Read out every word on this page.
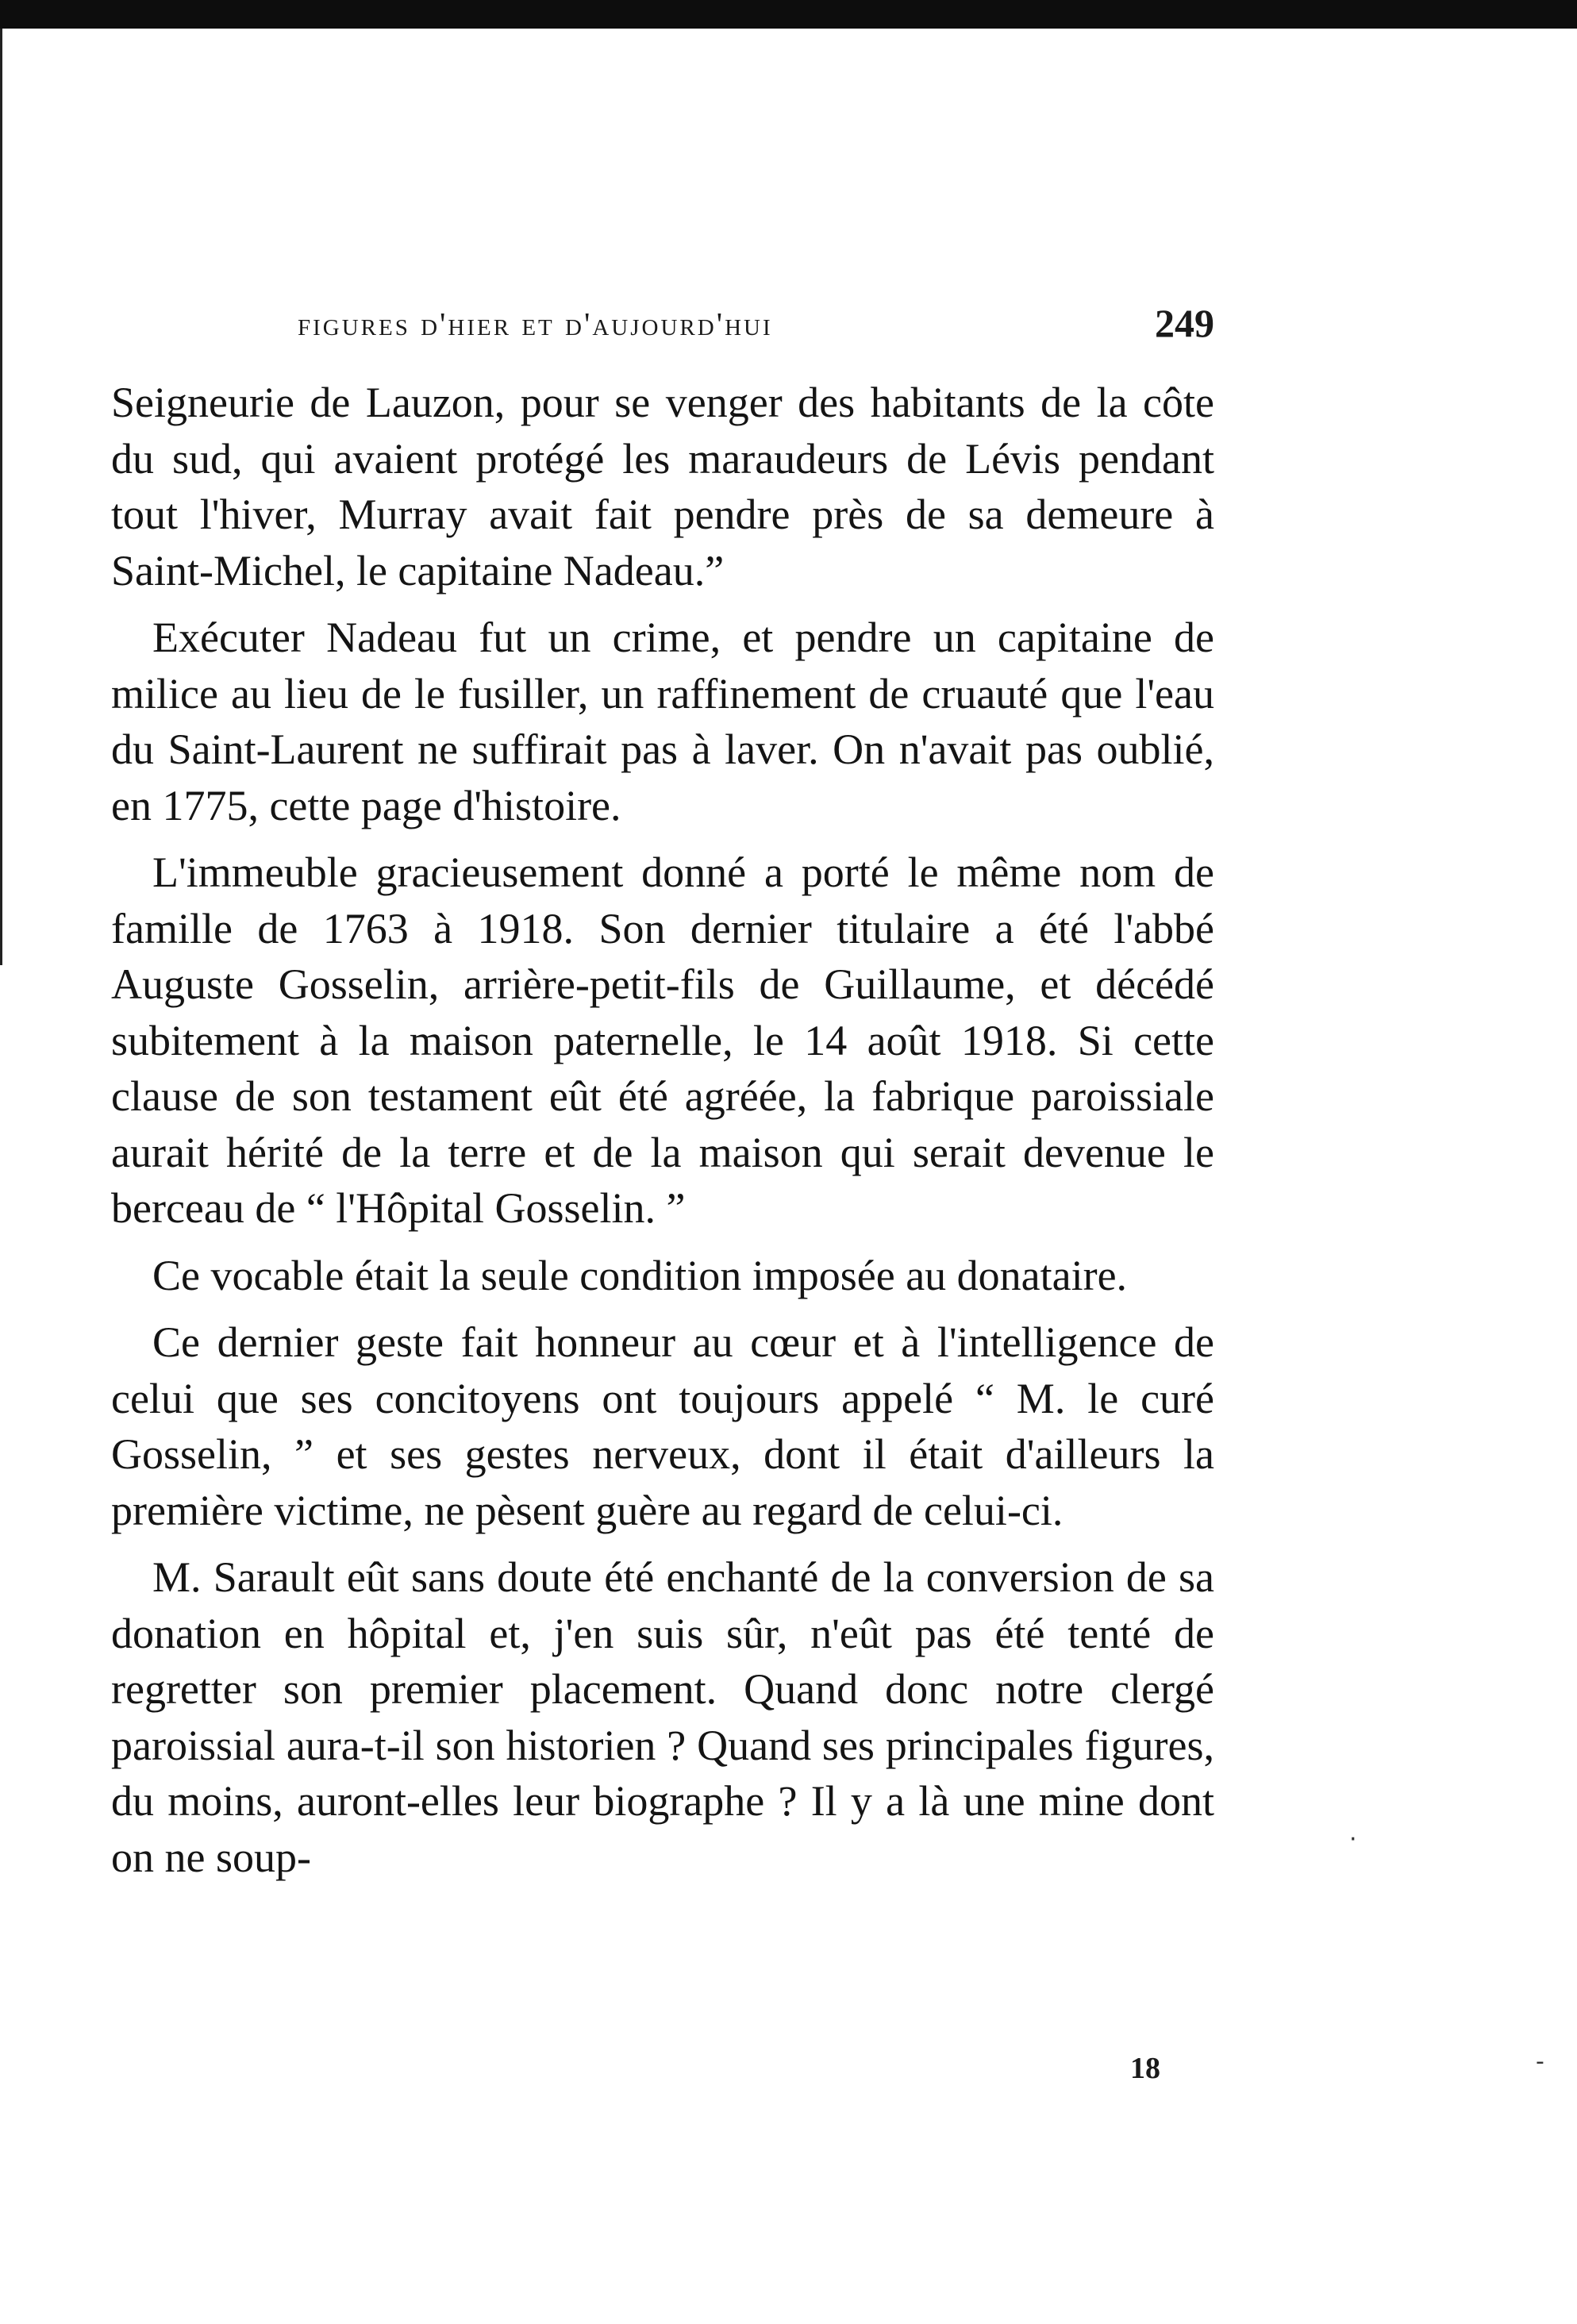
figures d'hier et d'aujourd'hui	249

Seigneurie de Lauzon, pour se venger des habitants de la côte du sud, qui avaient protégé les maraudeurs de Lévis pendant tout l'hiver, Murray avait fait pendre près de sa demeure à Saint-Michel, le capitaine Nadeau.”

Exécuter Nadeau fut un crime, et pendre un capitaine de milice au lieu de le fusiller, un raffinement de cruauté que l'eau du Saint-Laurent ne suffirait pas à laver. On n'avait pas oublié, en 1775, cette page d'histoire.

L'immeuble gracieusement donné a porté le même nom de famille de 1763 à 1918. Son dernier titulaire a été l'abbé Auguste Gosselin, arrière-petit-fils de Guillaume, et décédé subitement à la maison paternelle, le 14 août 1918. Si cette clause de son testament eût été agréée, la fabrique paroissiale aurait hérité de la terre et de la maison qui serait devenue le berceau de “ l'Hôpital Gosselin. ”

Ce vocable était la seule condition imposée au donataire.

Ce dernier geste fait honneur au cœur et à l'intelligence de celui que ses concitoyens ont toujours appelé “ M. le curé Gosselin, ” et ses gestes nerveux, dont il était d'ailleurs la première victime, ne pèsent guère au regard de celui-ci.

M. Sarault eût sans doute été enchanté de la conversion de sa donation en hôpital et, j'en suis sûr, n'eût pas été tenté de regretter son premier placement. Quand donc notre clergé paroissial aura-t-il son historien ? Quand ses principales figures, du moins, auront-elles leur biographe ? Il y a là une mine dont on ne soup-

18
·
‐
